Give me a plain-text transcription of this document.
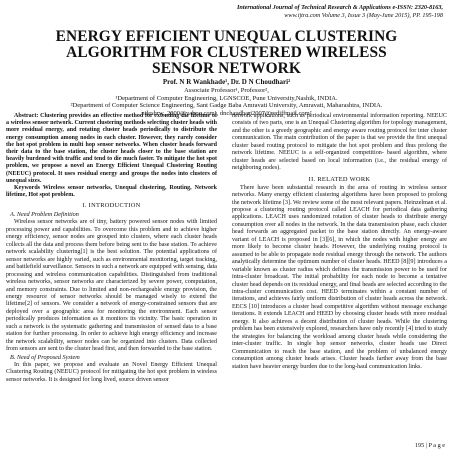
International Journal of Technical Research & Applications e-ISSN: 2320-8163,
www.ijtra.com Volume 3, Issue 3 (May-June 2015), PP. 195-198
ENERGY EFFICIENT UNEQUAL CLUSTERING
ALGORITHM FOR CLUSTERED WIRELESS
SENSOR NETWORK
Prof. N R Wankhade¹, Dr. D N Choudhari²
Associate Professor¹, Professor²,
¹Department of Computer Engineering, LGNSCOE, Pune University,Nashik, INDIA.
²Department of Computer Science Engineering, Sant Gadge Baba Amravati University, Amravati, Maharashtra, INDIA.
nileshrw_2000@yahoo.com¹, dnchaudhari2007@rediffmail.com²

Abstract: Clustering provides an effective method for extending the lifetime of a wireless sensor network. Current clustering methods selecting cluster heads with more residual energy, and rotating cluster heads periodically to distribute the energy consumption among nodes in each cluster. However, they rarely consider the hot spot problem in multi hop sensor networks. When cluster heads forward their data to the base station, the cluster heads closer to the base station are heavily burdened with traffic and tend to die much faster. To mitigate the hot spot problem, we propose a novel an Energy Efficient Unequal Clustering Routing (NEEUC) protocol. It uses residual energy and groups the nodes into clusters of unequal sizes.

Keywords Wireless sensor networks, Unequal clustering, Routing, Network lifetime, Hot spot problem.

I. INTRODUCTION
A. Need Problem Definition

Wireless sensor networks are of tiny, battery powered sensor nodes with limited processing power and capabilities. To overcome this problem and to achieve higher energy efficiency, sensor nodes are grouped into clusters, where each cluster heads collects all the data and process them before being sent to the base station. To achieve network scalability clustering[1] is the best solution. The potential applications of sensor networks are highly varied, such as environmental monitoring, target tracking, and battlefield surveillance. Sensors in such a network are equipped with sensing, data processing and wireless communication capabilities. Distinguished from traditional wireless networks, sensor networks are characterized by severe power, computation, and memory constraints. Due to limited and non-rechargeable energy provision, the energy resource of sensor networks should be managed wisely to extend the lifetime[2] of sensors. We consider a network of energy-constrained sensors that are deployed over a geographic area for monitoring the environment. Each sensor periodically produces information as it monitors its vicinity. The basic operation in such a network is the systematic gathering and transmission of sensed data to a base station for further processing. In order to achieve high energy efficiency and increase the network scalability, sensor nodes can be organized into clusters. Data collected from sensors are sent to the cluster head first, and then forwarded to the base station.

B. Need of Proposed System

In this paper, we propose and evaluate an Novel Energy Efficient Unequal Clustering Routing (NEEUC) protocol for mitigating the hot spot problem in wireless sensor networks. It is designed for long lived, source driven sensor

network applications, such as periodical environmental information reporting. NEEUC consists of two parts, one is an Unequal Clustering algorithm for topology management, and the other is a greedy geographic and energy aware routing protocol for inter cluster communication. The main contribution of the paper is that we provide the first unequal cluster based routing protocol to mitigate the hot spot problem and thus prolong the network lifetime. NEEUC is a self-organized competition- based algorithm, where cluster heads are selected based on local information (i.e., the residual energy of neighboring nodes).

II. RELATED WORK

There have been substantial research in the area of routing in wireless sensor networks. Many energy efficient clustering algorithms have been proposed to prolong the network lifetime [3]. We review some of the most relevant papers. Heinzelman et al. propose a clustering routing protocol called LEACH for periodical data gathering applications. LEACH uses randomized rotation of cluster heads to distribute energy consumption over all nodes in the network. In the data transmission phase, each cluster head forwards an aggregated packet to the base station directly. An energy-aware variant of LEACH is proposed in [3][6], in which the nodes with higher energy are more likely to become cluster heads. However, the underlying routing protocol is assumed to be able to propagate node residual energy through the network. The authors analytically determine the optimum number of cluster heads. HEED [8][9] introduces a variable known as cluster radius which defines the transmission power to be used for intra-cluster broadcast. The initial probability for each node to become a tentative cluster head depends on its residual energy, and final heads are selected according to the intra-cluster communication cost. HEED terminates within a constant number of iterations, and achieves fairly uniform distribution of cluster heads across the network. EECS [10] introduces a cluster head competitive algorithm without message exchange iterations. It extends LEACH and HEED by choosing cluster heads with more residual energy. It also achieves a decent distribution of cluster heads. While the clustering problem has been extensively explored, researchers have only recently [4] tried to study the strategies for balancing the workload among cluster heads while considering the inter-cluster traffic. In single hop sensor networks, cluster heads use Direct Communication to reach the base station, and the problem of unbalanced energy consumption among cluster heads arises. Cluster heads farther away from the base station have heavier energy burden due to the long-haul communication links.

195 | P a g e
